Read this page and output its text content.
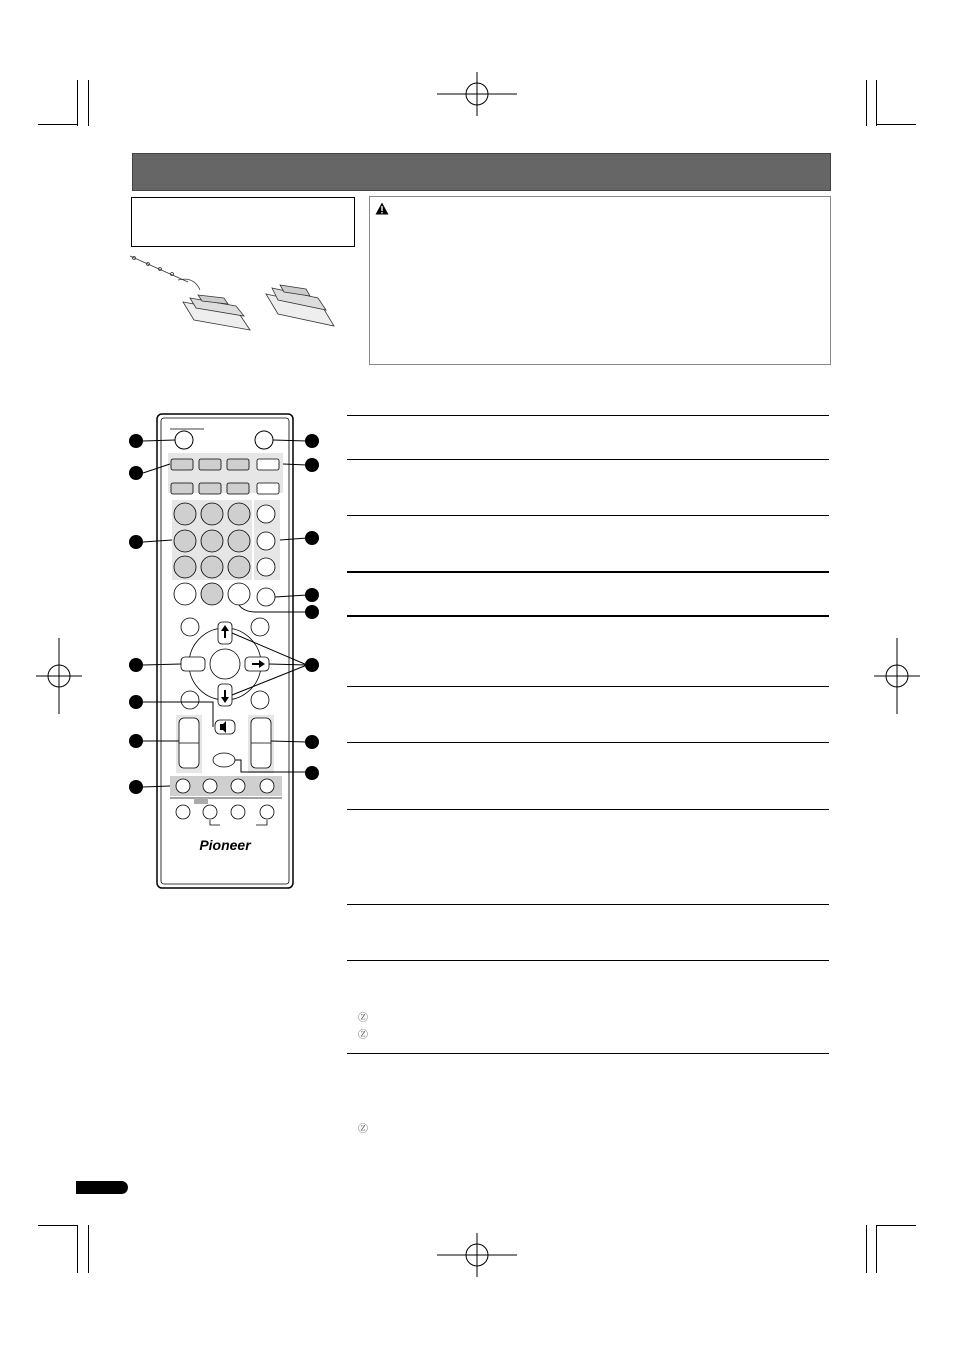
Pioneer
Ⓩ
Ⓩ
Ⓩ
